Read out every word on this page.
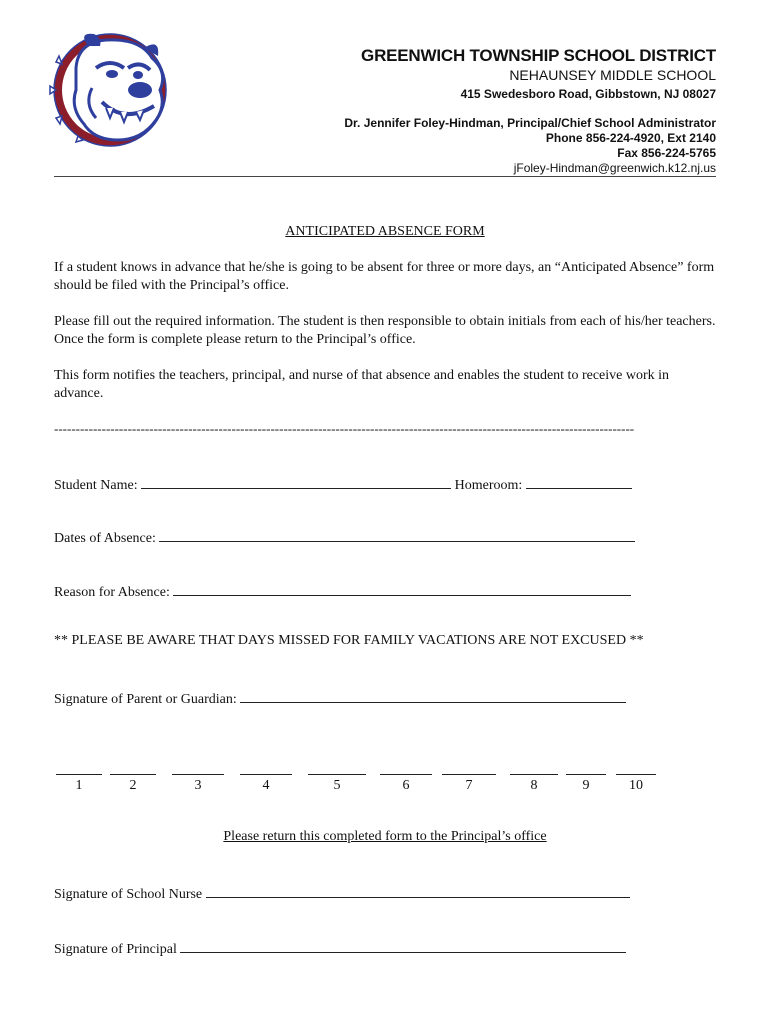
GREENWICH TOWNSHIP SCHOOL DISTRICT
NEHAUNSEY MIDDLE SCHOOL
415 Swedesboro Road, Gibbstown, NJ 08027
Dr. Jennifer Foley-Hindman, Principal/Chief School Administrator
Phone 856-224-4920, Ext 2140
Fax 856-224-5765
jFoley-Hindman@greenwich.k12.nj.us
ANTICIPATED ABSENCE FORM
If a student knows in advance that he/she is going to be absent for three or more days, an “Anticipated Absence” form should be filed with the Principal’s office.
Please fill out the required information. The student is then responsible to obtain initials from each of his/her teachers. Once the form is complete please return to the Principal’s office.
This form notifies the teachers, principal, and nurse of that absence and enables the student to receive work in advance.
--------------------------------------------------------------------------------------------------------------------------------------
Student Name:	Homeroom:
Dates of Absence:
Reason for Absence:
** PLEASE BE AWARE THAT DAYS MISSED FOR FAMILY VACATIONS ARE NOT EXCUSED **
Signature of Parent or Guardian:
1	2	3	4	5	6	7	8	9	10
Please return this completed form to the Principal’s office
Signature of School Nurse
Signature of Principal
